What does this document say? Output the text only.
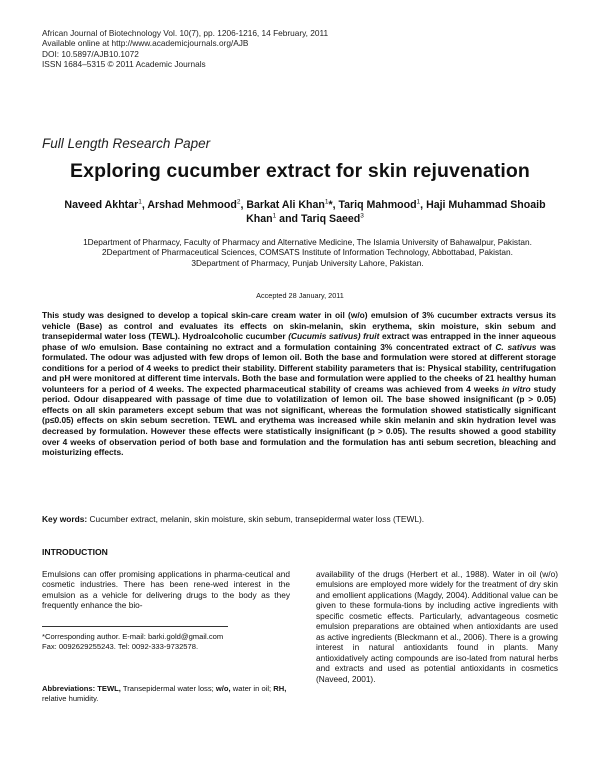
African Journal of Biotechnology Vol. 10(7), pp. 1206-1216, 14 February, 2011
Available online at http://www.academicjournals.org/AJB
DOI: 10.5897/AJB10.1072
ISSN 1684–5315 © 2011 Academic Journals
Full Length Research Paper
Exploring cucumber extract for skin rejuvenation
Naveed Akhtar$^1$, Arshad Mehmood$^2$, Barkat Ali Khan$^1$*, Tariq Mahmood$^1$, Haji Muhammad Shoaib Khan$^1$ and Tariq Saeed$^3$
1Department of Pharmacy, Faculty of Pharmacy and Alternative Medicine, The Islamia University of Bahawalpur, Pakistan.
2Department of Pharmaceutical Sciences, COMSATS Institute of Information Technology, Abbottabad, Pakistan.
3Department of Pharmacy, Punjab University Lahore, Pakistan.
Accepted 28 January, 2011
This study was designed to develop a topical skin-care cream water in oil (w/o) emulsion of 3% cucumber extracts versus its vehicle (Base) as control and evaluates its effects on skin-melanin, skin erythema, skin moisture, skin sebum and transepidermal water loss (TEWL). Hydroalcoholic cucumber (Cucumis sativus) fruit extract was entrapped in the inner aqueous phase of w/o emulsion. Base containing no extract and a formulation containing 3% concentrated extract of C. sativus was formulated. The odour was adjusted with few drops of lemon oil. Both the base and formulation were stored at different storage conditions for a period of 4 weeks to predict their stability. Different stability parameters that is: Physical stability, centrifugation and pH were monitored at different time intervals. Both the base and formulation were applied to the cheeks of 21 healthy human volunteers for a period of 4 weeks. The expected pharmaceutical stability of creams was achieved from 4 weeks in vitro study period. Odour disappeared with passage of time due to volatilization of lemon oil. The base showed insignificant (p > 0.05) effects on all skin parameters except sebum that was not significant, whereas the formulation showed statistically significant (p≤0.05) effects on skin sebum secretion. TEWL and erythema was increased while skin melanin and skin hydration level was decreased by formulation. However these effects were statistically insignificant (p > 0.05). The results showed a good stability over 4 weeks of observation period of both base and formulation and the formulation has anti sebum secretion, bleaching and moisturizing effects.
Key words: Cucumber extract, melanin, skin moisture, skin sebum, transepidermal water loss (TEWL).
INTRODUCTION
Emulsions can offer promising applications in pharma-ceutical and cosmetic industries. There has been rene-wed interest in the emulsion as a vehicle for delivering drugs to the body as they frequently enhance the bio-
availability of the drugs (Herbert et al., 1988). Water in oil (w/o) emulsions are employed more widely for the treatment of dry skin and emollient applications (Magdy, 2004). Additional value can be given to these formula-tions by including active ingredients with specific cosmetic effects. Particularly, advantageous cosmetic emulsion preparations are obtained when antioxidants are used as active ingredients (Bleckmann et al., 2006). There is a growing interest in natural antioxidants found in plants. Many antioxidatively acting compounds are iso-lated from natural herbs and extracts and used as potential antioxidants in cosmetics (Naveed, 2001).
*Corresponding author. E-mail: barki.gold@gmail.com
Fax: 0092629255243. Tel: 0092-333-9732578.
Abbreviations: TEWL, Transepidermal water loss; w/o, water in oil; RH, relative humidity.
